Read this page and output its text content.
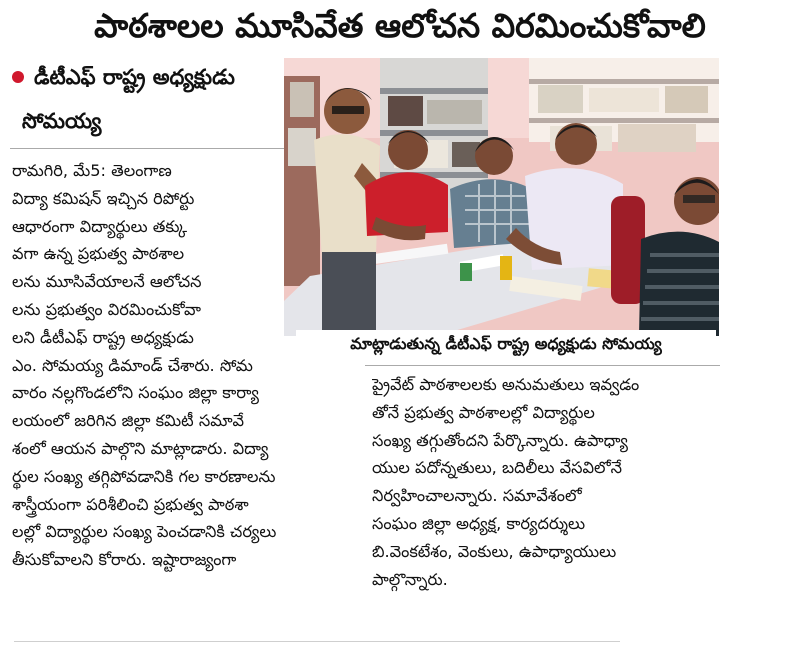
పాఠశాలల మూసివేత ఆలోచన విరమించుకోవాలి
డీటీఎఫ్ రాష్ట్ర అధ్యక్షుడు
సోమయ్య
రామగిరి, మే5: తెలంగాణ
విద్యా కమిషన్ ఇచ్చిన రిపోర్టు
ఆధారంగా విద్యార్థులు తక్కు
వగా ఉన్న ప్రభుత్వ పాఠశాల
లను మూసివేయాలనే ఆలోచన
లను ప్రభుత్వం విరమించుకోవా
లని డీటీఎఫ్ రాష్ట్ర అధ్యక్షుడు
ఎం. సోమయ్య డిమాండ్ చేశారు. సోమ
వారం నల్లగొండలోని సంఘం జిల్లా కార్యా
లయంలో జరిగిన జిల్లా కమిటీ సమావే
శంలో ఆయన పాల్గొని మాట్లాడారు. విద్యా
ర్థుల సంఖ్య తగ్గిపోవడానికి గల కారణాలను
శాస్త్రీయంగా పరిశీలించి ప్రభుత్వ పాఠశా
లల్లో విద్యార్థుల సంఖ్య పెంచడానికి చర్యలు
తీసుకోవాలని కోరారు. ఇష్టారాజ్యంగా
మాట్లాడుతున్న డీటీఎఫ్ రాష్ట్ర అధ్యక్షుడు సోమయ్య
ప్రైవేట్ పాఠశాలలకు అనుమతులు ఇవ్వడం
తోనే ప్రభుత్వ పాఠశాలల్లో విద్యార్థుల
సంఖ్య తగ్గుతోందని పేర్కొన్నారు. ఉపాధ్యా
యుల పదోన్నతులు, బదిలీలు వేసవిలోనే
నిర్వహించాలన్నారు. సమావేశంలో
సంఘం జిల్లా అధ్యక్ష, కార్యదర్శులు
బి.వెంకటేశం, వెంకులు, ఉపాధ్యాయులు
పాల్గొన్నారు.
